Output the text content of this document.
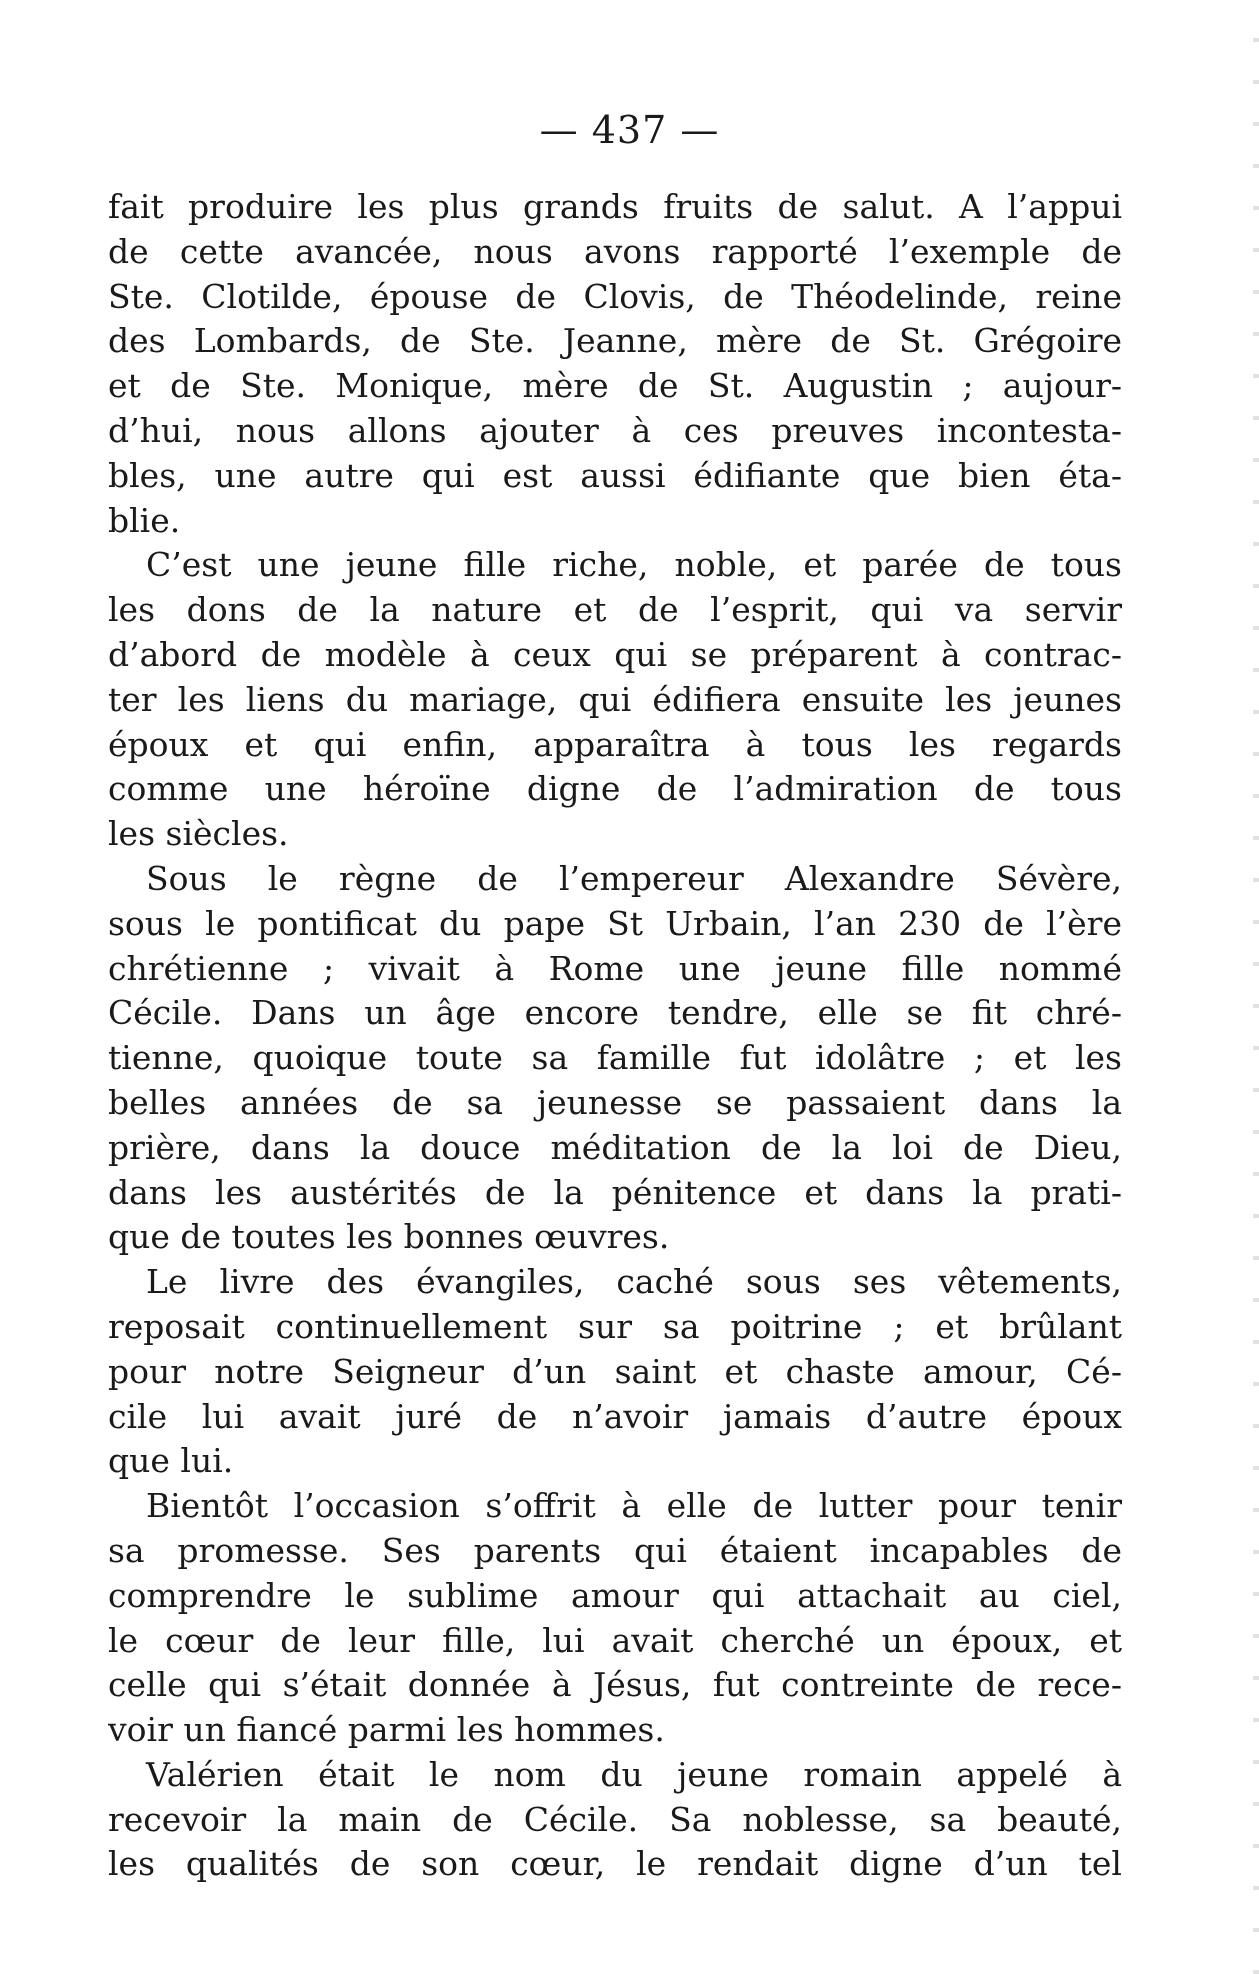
— 437 —
fait produire les plus grands fruits de salut. A l’appui
de cette avancée, nous avons rapporté l’exemple de
Ste. Clotilde, épouse de Clovis, de Théodelinde, reine
des Lombards, de Ste. Jeanne, mère de St. Grégoire
et de Ste. Monique, mère de St. Augustin ; aujour-
d’hui, nous allons ajouter à ces preuves incontesta-
bles, une autre qui est aussi édifiante que bien éta-
blie.
C’est une jeune fille riche, noble, et parée de tous
les dons de la nature et de l’esprit, qui va servir
d’abord de modèle à ceux qui se préparent à contrac-
ter les liens du mariage, qui édifiera ensuite les jeunes
époux et qui enfin, apparaîtra à tous les regards
comme une héroïne digne de l’admiration de tous
les siècles.
Sous le règne de l’empereur Alexandre Sévère,
sous le pontificat du pape St Urbain, l’an 230 de l’ère
chrétienne ; vivait à Rome une jeune fille nommé
Cécile. Dans un âge encore tendre, elle se fit chré-
tienne, quoique toute sa famille fut idolâtre ; et les
belles années de sa jeunesse se passaient dans la
prière, dans la douce méditation de la loi de Dieu,
dans les austérités de la pénitence et dans la prati-
que de toutes les bonnes œuvres.
Le livre des évangiles, caché sous ses vêtements,
reposait continuellement sur sa poitrine ; et brûlant
pour notre Seigneur d’un saint et chaste amour, Cé-
cile lui avait juré de n’avoir jamais d’autre époux
que lui.
Bientôt l’occasion s’offrit à elle de lutter pour tenir
sa promesse. Ses parents qui étaient incapables de
comprendre le sublime amour qui attachait au ciel,
le cœur de leur fille, lui avait cherché un époux, et
celle qui s’était donnée à Jésus, fut contreinte de rece-
voir un fiancé parmi les hommes.
Valérien était le nom du jeune romain appelé à
recevoir la main de Cécile. Sa noblesse, sa beauté,
les qualités de son cœur, le rendait digne d’un tel
